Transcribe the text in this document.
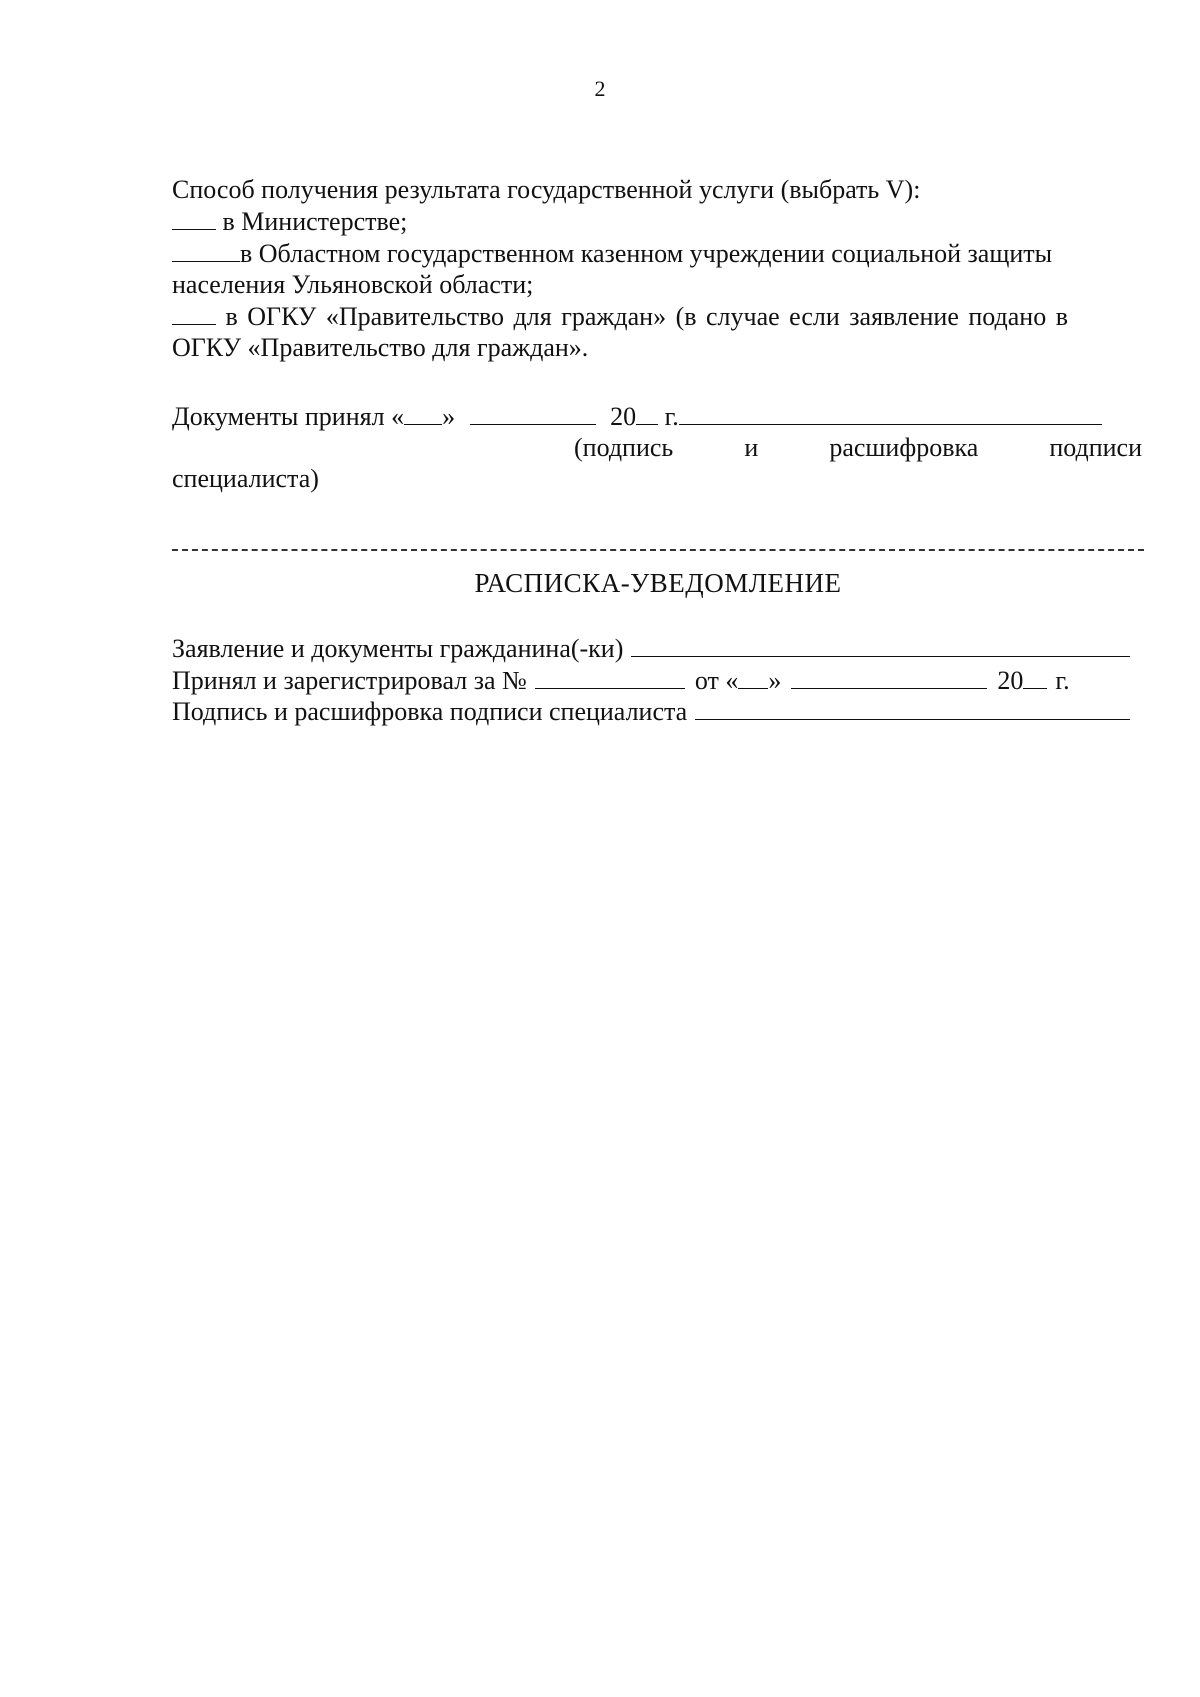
2
Способ получения результата государственной услуги (выбрать V):
в Министерстве;
в Областном государственном казенном учреждении социальной защиты
населения Ульяновской области;
в ОГКУ «Правительство для граждан» (в случае если заявление подано в
ОГКУ «Правительство для граждан».
Документы принял « »	20 г.
(подпись	и	расшифровка	подписи
специалиста)
РАСПИСКА-УВЕДОМЛЕНИЕ
Заявление и документы гражданина(-ки)
Принял и зарегистрировал за №	от « »	20 г.
Подпись и расшифровка подписи специалиста
